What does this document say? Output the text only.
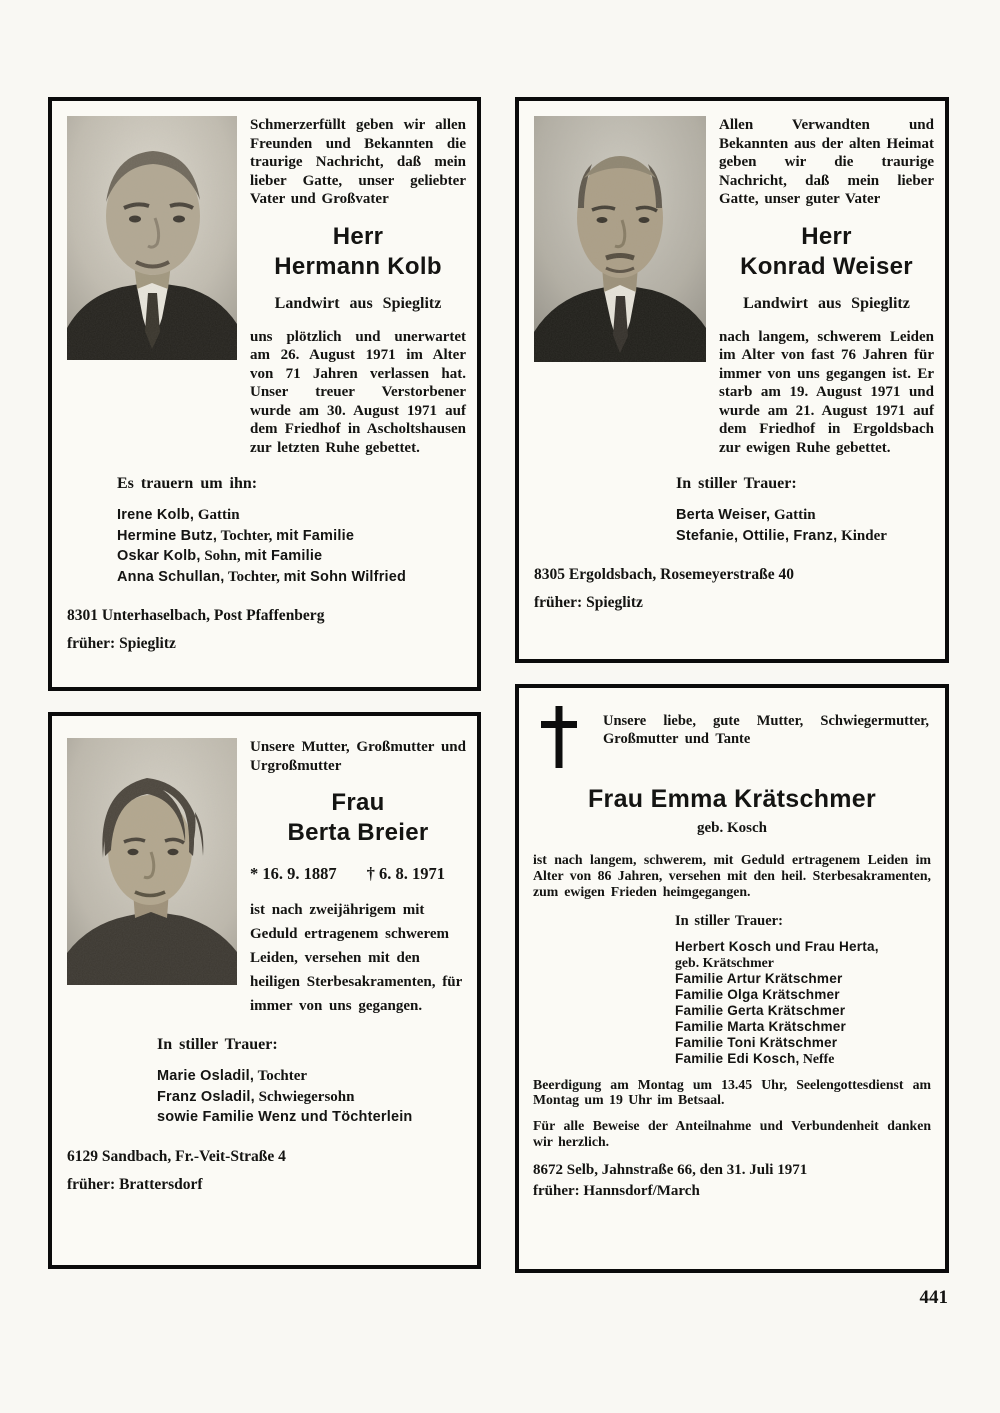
Schmerzerfüllt geben wir allen Freunden und Bekannten die traurige Nachricht, daß mein lieber Gatte, unser geliebter Vater und Großvater

Herr
Hermann Kolb

Landwirt aus Spieglitz

uns plötzlich und unerwartet am 26. August 1971 im Alter von 71 Jahren verlassen hat. Unser treuer Verstorbener wurde am 30. August 1971 auf dem Friedhof in Ascholtshausen zur letzten Ruhe gebettet.

Es trauern um ihn:

Irene Kolb, Gattin
Hermine Butz, Tochter, mit Familie
Oskar Kolb, Sohn, mit Familie
Anna Schullan, Tochter, mit Sohn Wilfried

8301 Unterhaselbach, Post Pfaffenberg

früher: Spieglitz

Allen Verwandten und Bekannten aus der alten Heimat geben wir die traurige Nachricht, daß mein lieber Gatte, unser guter Vater

Herr
Konrad Weiser

Landwirt aus Spieglitz

nach langem, schwerem Leiden im Alter von fast 76 Jahren für immer von uns gegangen ist. Er starb am 19. August 1971 und wurde am 21. August 1971 auf dem Friedhof in Ergoldsbach zur ewigen Ruhe gebettet.

In stiller Trauer:

Berta Weiser, Gattin
Stefanie, Ottilie, Franz, Kinder

8305 Ergoldsbach, Rosemeyerstraße 40

früher: Spieglitz

Unsere Mutter, Großmutter und Urgroßmutter

Frau
Berta Breier
* 16. 9. 1887 † 6. 8. 1971

ist nach zweijährigem mit Geduld ertragenem schwerem Leiden, versehen mit den heiligen Sterbesakramenten, für immer von uns gegangen.

In stiller Trauer:

Marie Osladil, Tochter
Franz Osladil, Schwiegersohn
sowie Familie Wenz und Töchterlein

6129 Sandbach, Fr.-Veit-Straße 4

früher: Brattersdorf

Unsere liebe, gute Mutter, Schwiegermutter, Großmutter und Tante

Frau Emma Krätschmer

geb. Kosch

ist nach langem, schwerem, mit Geduld ertragenem Leiden im Alter von 86 Jahren, versehen mit den heil. Sterbesakramenten, zum ewigen Frieden heimgegangen.

In stiller Trauer:

Herbert Kosch und Frau Herta,
geb. Krätschmer
Familie Artur Krätschmer
Familie Olga Krätschmer
Familie Gerta Krätschmer
Familie Marta Krätschmer
Familie Toni Krätschmer
Familie Edi Kosch, Neffe

Beerdigung am Montag um 13.45 Uhr, Seelengottesdienst am Montag um 19 Uhr im Betsaal.

Für alle Beweise der Anteilnahme und Verbundenheit danken wir herzlich.

8672 Selb, Jahnstraße 66, den 31. Juli 1971

früher: Hannsdorf/March

441
